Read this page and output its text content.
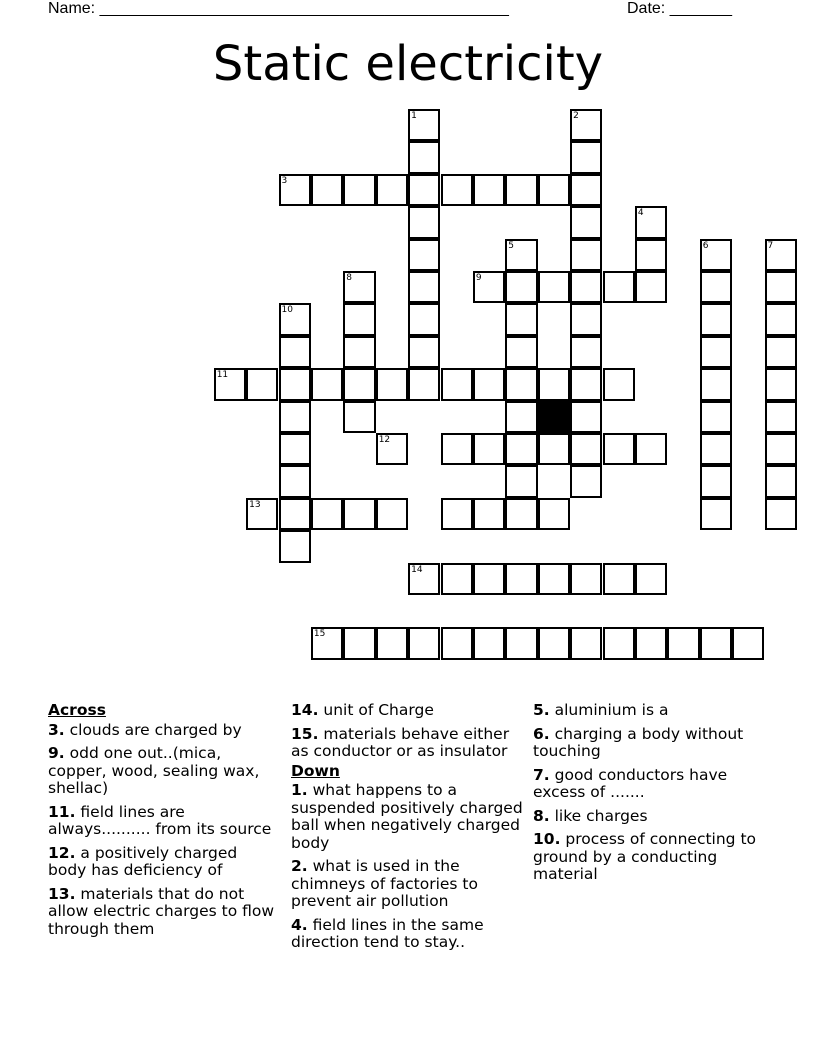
Name: ______________________________________________	Date: _______
Static electricity
1	2
3
4
5	6	7
8	9
10
11
12
13
14
15
Across
3. clouds are charged by
9. odd one out..(mica, copper, wood, sealing wax, shellac)
11. field lines are always.......... from its source
12. a positively charged body has deficiency of
13. materials that do not allow electric charges to flow through them
14. unit of Charge
15. materials behave either as conductor or as insulator
Down
1. what happens to a suspended positively charged ball when negatively charged body
2. what is used in the chimneys of factories to prevent air pollution
4. field lines in the same direction tend to stay..
5. aluminium is a
6. charging a body without touching
7. good conductors have excess of .......
8. like charges
10. process of connecting to ground by a conducting material
